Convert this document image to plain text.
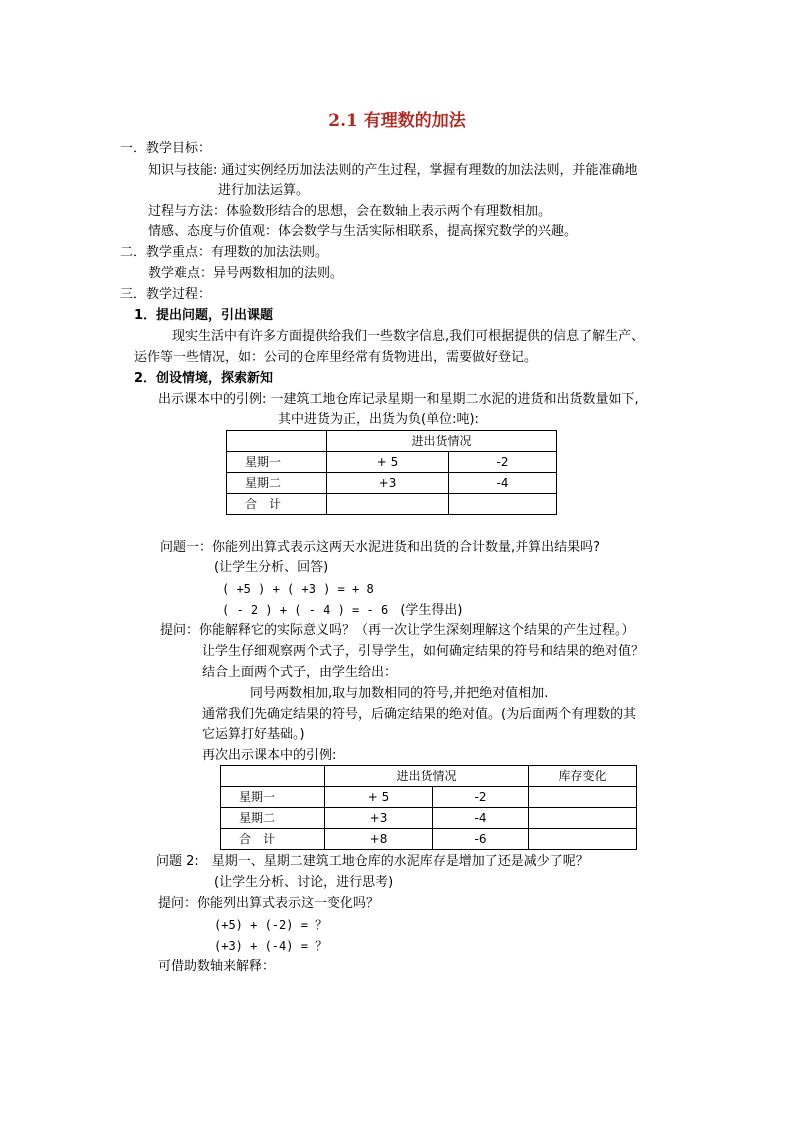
2.1 有理数的加法
一．教学目标：
知识与技能: 通过实例经历加法法则的产生过程，掌握有理数的加法法则，并能准确地
进行加法运算。
过程与方法：体验数形结合的思想，会在数轴上表示两个有理数相加。
情感、态度与价值观：体会数学与生活实际相联系，提高探究数学的兴趣。
二．教学重点：有理数的加法法则。
教学难点：异号两数相加的法则。
三．教学过程：
1．提出问题，引出课题
现实生活中有许多方面提供给我们一些数字信息,我们可根据提供的信息了解生产、
运作等一些情况，如：公司的仓库里经常有货物进出，需要做好登记。
2．创设情境，探索新知
出示课本中的引例: 一建筑工地仓库记录星期一和星期二水泥的进货和出货数量如下,
其中进货为正，出货为负(单位:吨):
	进出货情况	
星期一	+ 5	-2
星期二	+3	-4
合　计		
问题一：你能列出算式表示这两天水泥进货和出货的合计数量,并算出结果吗?
(让学生分析、回答)
( +5 ) + ( +3 ) = + 8
( - 2 ) + ( - 4 ) = - 6 (学生得出)
提问：你能解释它的实际意义吗？（再一次让学生深刻理解这个结果的产生过程。）
让学生仔细观察两个式子，引导学生，如何确定结果的符号和结果的绝对值？
结合上面两个式子，由学生给出：
同号两数相加,取与加数相同的符号,并把绝对值相加.
通常我们先确定结果的符号，后确定结果的绝对值。(为后面两个有理数的其
它运算打好基础。)
再次出示课本中的引例:
	进出货情况		库存变化
星期一	+ 5	-2	
星期二	+3	-4	
合　计	+8	-6	
问题 2:　星期一、星期二建筑工地仓库的水泥库存是增加了还是减少了呢？
(让学生分析、讨论，进行思考)
提问：你能列出算式表示这一变化吗？
(+5) + (-2) = ？
(+3) + (-4) = ？
可借助数轴来解释：
